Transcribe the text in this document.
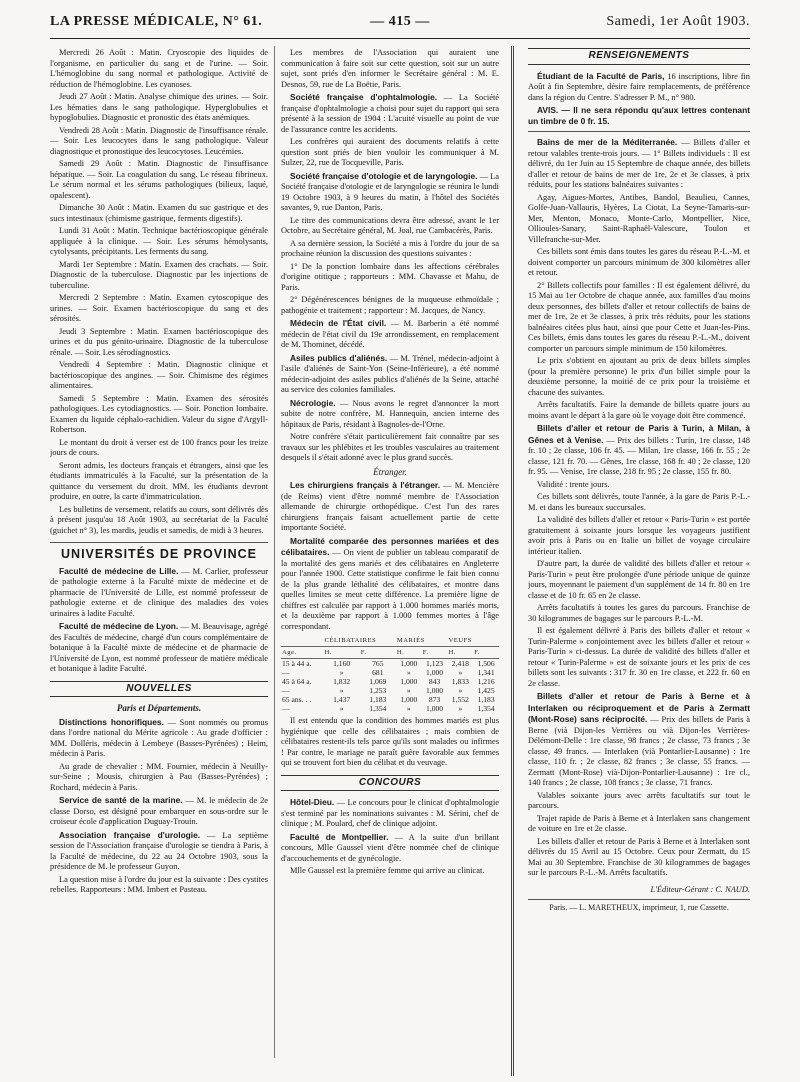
LA PRESSE MÉDICALE, N° 61.	— 415 —	Samedi, 1er Août 1903.

Mercredi 26 Août : Matin. Cryoscopie des liquides de l'organisme, en particulier du sang et de l'urine. — Soir. L'hémoglobine du sang normal et pathologique. Activité de réduction de l'hémoglobine. Les cyanoses.

Jeudi 27 Août : Matin. Analyse chimique des urines. — Soir. Les hématies dans le sang pathologique. Hyperglobulies et hypoglobulies. Diagnostic et pronostic des états anémiques.

Vendredi 28 Août : Matin. Diagnostic de l'insuffisance rénale. — Soir. Les leucocytes dans le sang pathologique. Valeur diagnostique et pronostique des leucocytoses. Leucémies.

Samedi 29 Août : Matin. Diagnostic de l'insuffisance hépatique. — Soir. La coagulation du sang. Le réseau fibrineux. Le sérum normal et les sérums pathologiques (bilieux, laqué, opalescent).

Dimanche 30 Août : Matin. Examen du suc gastrique et des sucs intestinaux (chimisme gastrique, ferments digestifs).

Lundi 31 Août : Matin. Technique bactérioscopique générale appliquée à la clinique. — Soir. Les sérums hémolysants, cytolysants, précipitants. Les ferments du sang.

Mardi 1er Septembre : Matin. Examen des crachats. — Soir. Diagnostic de la tuberculose. Diagnostic par les injections de tuberculine.

Mercredi 2 Septembre : Matin. Examen cytoscopique des urines. — Soir. Examen bactérioscopique du sang et des sérosités.

Jeudi 3 Septembre : Matin. Examen bactérioscopique des urines et du pus génito-urinaire. Diagnostic de la tuberculose rénale. — Soir. Les sérodiagnostics.

Vendredi 4 Septembre : Matin. Diagnostic clinique et bactérioscopique des angines. — Soir. Chimisme des régimes alimentaires.

Samedi 5 Septembre : Matin. Examen des sérosités pathologiques. Les cytodiagnostics. — Soir. Ponction lombaire. Examen du liquide céphalo-rachidien. Valeur du signe d'Argyll-Robertson.

Le montant du droit à verser est de 100 francs pour les treize jours de cours.

Seront admis, les docteurs français et étrangers, ainsi que les étudiants immatriculés à la Faculté, sur la présentation de la quittance du versement du droit. MM. les étudiants devront produire, en outre, la carte d'immatriculation.

Les bulletins de versement, relatifs au cours, sont délivrés dès à présent jusqu'au 18 Août 1903, au secrétariat de la Faculté (guichet n° 3), les mardis, jeudis et samedis, de midi à 3 heures.

UNIVERSITÉS DE PROVINCE

Faculté de médecine de Lille. — M. Carlier, professeur de pathologie externe à la Faculté mixte de médecine et de pharmacie de l'Université de Lille, est nommé professeur de pathologie externe et de clinique des maladies des voies urinaires à ladite Faculté.

Faculté de médecine de Lyon. — M. Beauvisage, agrégé des Facultés de médecine, chargé d'un cours complémentaire de botanique à la Faculté mixte de médecine et de pharmacie de l'Université de Lyon, est nommé professeur de matière médicale et botanique à ladite Faculté.

NOUVELLES
Paris et Départements.

Distinctions honorifiques. — Sont nommés ou promus dans l'ordre national du Mérite agricole : Au grade d'officier : MM. Dolléris, médecin à Lembeye (Basses-Pyrénées) ; Heim, médecin à Paris.

Au grade de chevalier : MM. Fournier, médecin à Neuilly-sur-Seine ; Mousis, chirurgien à Pau (Basses-Pyrénées) ; Rochard, médecin à Paris.

Service de santé de la marine. — M. le médecin de 2e classe Dorso, est désigné pour embarquer en sous-ordre sur le croiseur école d'application Duguay-Trouin.

Association française d'urologie. — La septième session de l'Association française d'urologie se tiendra à Paris, à la Faculté de médecine, du 22 au 24 Octobre 1903, sous la présidence de M. le professeur Guyon.

La question mise à l'ordre du jour est la suivante : Des cystites rebelles. Rapporteurs : MM. Imbert et Pasteau.

Les membres de l'Association qui auraient une communication à faire soit sur cette question, soit sur un autre sujet, sont priés d'en informer le Secrétaire général : M. E. Desnos, 59, rue de La Boëtie, Paris.

Société française d'ophtalmologie. — La Société française d'ophtalmologie a choisi pour sujet du rapport qui sera présenté à la session de 1904 : L'acuité visuelle au point de vue de l'assurance contre les accidents.

Les confrères qui auraient des documents relatifs à cette question sont priés de bien vouloir les communiquer à M. Sulzer, 22, rue de Tocqueville, Paris.

Société française d'otologie et de laryngologie. — La Société française d'otologie et de laryngologie se réunira le lundi 19 Octobre 1903, à 9 heures du matin, à l'hôtel des Sociétés savantes, 9, rue Danton, Paris.

Le titre des communications devra être adressé, avant le 1er Octobre, au Secrétaire général, M. Joal, rue Cambacérès, Paris.

A sa dernière session, la Société a mis à l'ordre du jour de sa prochaine réunion la discussion des questions suivantes :

1° De la ponction lombaire dans les affections cérébrales d'origine otitique ; rapporteurs : MM. Chavasse et Mahu, de Paris.

2° Dégénérescences bénignes de la muqueuse ethmoïdale ; pathogénie et traitement ; rapporteur : M. Jacques, de Nancy.

Médecin de l'État civil. — M. Barberin a été nommé médecin de l'état civil du 19e arrondissement, en remplacement de M. Thominet, décédé.

Asiles publics d'aliénés. — M. Trénel, médecin-adjoint à l'asile d'aliénés de Saint-Yon (Seine-Inférieure), a été nommé médecin-adjoint des asiles publics d'aliénés de la Seine, attaché au service des colonies familiales.

Nécrologie. — Nous avons le regret d'annoncer la mort subite de notre confrère, M. Hannequin, ancien interne des hôpitaux de Paris, résidant à Bagnoles-de-l'Orne.

Notre confrère s'était particulièrement fait connaître par ses travaux sur les phlébites et les troubles vasculaires au traitement desquels il s'était adonné avec le plus grand succès.

Étranger.

Les chirurgiens français à l'étranger. — M. Mencière (de Reims) vient d'être nommé membre de l'Association allemande de chirurgie orthopédique. C'est l'un des rares chirurgiens français faisant actuellement partie de cette importante Société.

Mortalité comparée des personnes mariées et des célibataires. — On vient de publier un tableau comparatif de la mortalité des gens mariés et des célibataires en Angleterre pour l'année 1900. Cette statistique confirme le fait bien connu de la plus grande léthalité des célibataires, et montre dans quelles limites se meut cette différence. La première ligne de chiffres est calculée par rapport à 1.000 hommes mariés morts, et la deuxième par rapport à 1.000 femmes mortes à l'âge correspondant.

	CÉLIBATAIRES		MARIÉS		VEUFS	
Age.	H.	F.	H.	F.	H.	F.
15 à 44 a.	1,160	765	1,000	1,123	2,418	1,506
—	»	681	»	1,000	»	1,341
45 à 64 a.	1,832	1,069	1,000	843	1,833	1,216
—	»	1,253	»	1,000	»	1,425
65 ans. . .	1,437	1,183	1,000	873	1,552	1,183
—	»	1,354	»	1,000	»	1,354

Il est entendu que la condition des hommes mariés est plus hygiénique que celle des célibataires ; mais combien de célibataires restent-ils tels parce qu'ils sont malades ou infirmes ! Par contre, le mariage ne paraît guère favorable aux femmes qui se trouvent fort bien du célibat et du veuvage.

CONCOURS

Hôtel-Dieu. — Le concours pour le clinicat d'ophtalmologie s'est terminé par les nominations suivantes : M. Sérini, chef de clinique ; M. Poulard, chef de clinique adjoint.

Faculté de Montpellier. — A la suite d'un brillant concours, Mlle Gaussel vient d'être nommée chef de clinique d'accouchements et de gynécologie.

Mlle Gaussel est la première femme qui arrive au clinicat.

RENSEIGNEMENTS

Étudiant de la Faculté de Paris, 16 inscriptions, libre fin Août à fin Septembre, désire faire remplacements, de préférence dans la région du Centre. S'adresser P. M., n° 980.

AVIS. — Il ne sera répondu qu'aux lettres contenant un timbre de 0 fr. 15.

Bains de mer de la Méditerranée. — Billets d'aller et retour valables trente-trois jours. — 1° Billets individuels : Il est délivré, du 1er Juin au 15 Septembre de chaque année, des billets d'aller et retour de bains de mer de 1re, 2e et 3e classes, à prix réduits, pour les stations balnéaires suivantes :

Agay, Aigues-Mortes, Antibes, Bandol, Beaulieu, Cannes, Golfe-Juan-Vallauris, Hyères, La Ciotat, La Seyne-Tamaris-sur-Mer, Menton, Monaco, Monte-Carlo, Montpellier, Nice, Ollioules-Sanary, Saint-Raphaël-Valescure, Toulon et Villefranche-sur-Mer.

Ces billets sont émis dans toutes les gares du réseau P.-L.-M. et doivent comporter un parcours minimum de 300 kilomètres aller et retour.

2° Billets collectifs pour familles : Il est également délivré, du 15 Mai au 1er Octobre de chaque année, aux familles d'au moins deux personnes, des billets d'aller et retour collectifs de bains de mer de 1re, 2e et 3e classes, à prix très réduits, pour les stations balnéaires citées plus haut, ainsi que pour Cette et Juan-les-Pins. Ces billets, émis dans toutes les gares du réseau P.-L.-M., doivent comporter un parcours simple minimum de 150 kilomètres.

Le prix s'obtient en ajoutant au prix de deux billets simples (pour la première personne) le prix d'un billet simple pour la deuxième personne, la moitié de ce prix pour la troisième et chacune des suivantes.

Arrêts facultatifs. Faire la demande de billets quatre jours au moins avant le départ à la gare où le voyage doit être commencé.

Billets d'aller et retour de Paris à Turin, à Milan, à Gênes et à Venise. — Prix des billets : Turin, 1re classe, 148 fr. 10 ; 2e classe, 106 fr. 45. — Milan, 1re classe, 166 fr. 55 ; 2e classe, 121 fr. 70. — Gênes, 1re classe, 168 fr. 40 ; 2e classe, 120 fr. 95. — Venise, 1re classe, 218 fr. 95 ; 2e classe, 155 fr. 80.

Validité : trente jours.

Ces billets sont délivrés, toute l'année, à la gare de Paris P.-L.-M. et dans les bureaux succursales.

La validité des billets d'aller et retour « Paris-Turin » est portée gratuitement à soixante jours lorsque les voyageurs justifient avoir pris à Paris ou en Italie un billet de voyage circulaire intérieur italien.

D'autre part, la durée de validité des billets d'aller et retour « Paris-Turin » peut être prolongée d'une période unique de quinze jours, moyennant le paiement d'un supplément de 14 fr. 80 en 1re classe et de 10 fr. 65 en 2e classe.

Arrêts facultatifs à toutes les gares du parcours. Franchise de 30 kilogrammes de bagages sur le parcours P.-L.-M.

Il est également délivré à Paris des billets d'aller et retour « Turin-Palerme » conjointement avec les billets d'aller et retour « Paris-Turin » ci-dessus. La durée de validité des billets d'aller et retour « Turin-Palerme » est de soixante jours et les prix de ces billets sont les suivants : 317 fr. 30 en 1re classe, et 222 fr. 60 en 2e classe.

Billets d'aller et retour de Paris à Berne et à Interlaken ou réciproquement et de Paris à Zermatt (Mont-Rose) sans réciprocité. — Prix des billets de Paris à Berne (vià Dijon-les Verrières ou vià Dijon-les Verrières-Délémont-Delle : 1re classe, 98 francs ; 2e classe, 73 francs ; 3e classe, 49 francs. — Interlaken (vià Pontarlier-Lausanne) : 1re classe, 110 fr. ; 2e classe, 82 francs ; 3e classe, 55 francs. — Zermatt (Mont-Rose) vià-Dijon-Pontarlier-Lausanne) : 1re cl., 140 francs ; 2e classe, 108 francs ; 3e classe, 71 francs.

Valables soixante jours avec arrêts facultatifs sur tout le parcours.

Trajet rapide de Paris à Berne et à Interlaken sans changement de voiture en 1re et 2e classe.

Les billets d'aller et retour de Paris à Berne et à Interlaken sont délivrés du 15 Avril au 15 Octobre. Ceux pour Zermatt, du 15 Mai au 30 Septembre. Franchise de 30 kilogrammes de bagages sur le parcours P.-L.-M. Arrêts facultatifs.

L'Éditeur-Gérant : C. NAUD.
Paris. — L. MARETHEUX, imprimeur, 1, rue Cassette.
